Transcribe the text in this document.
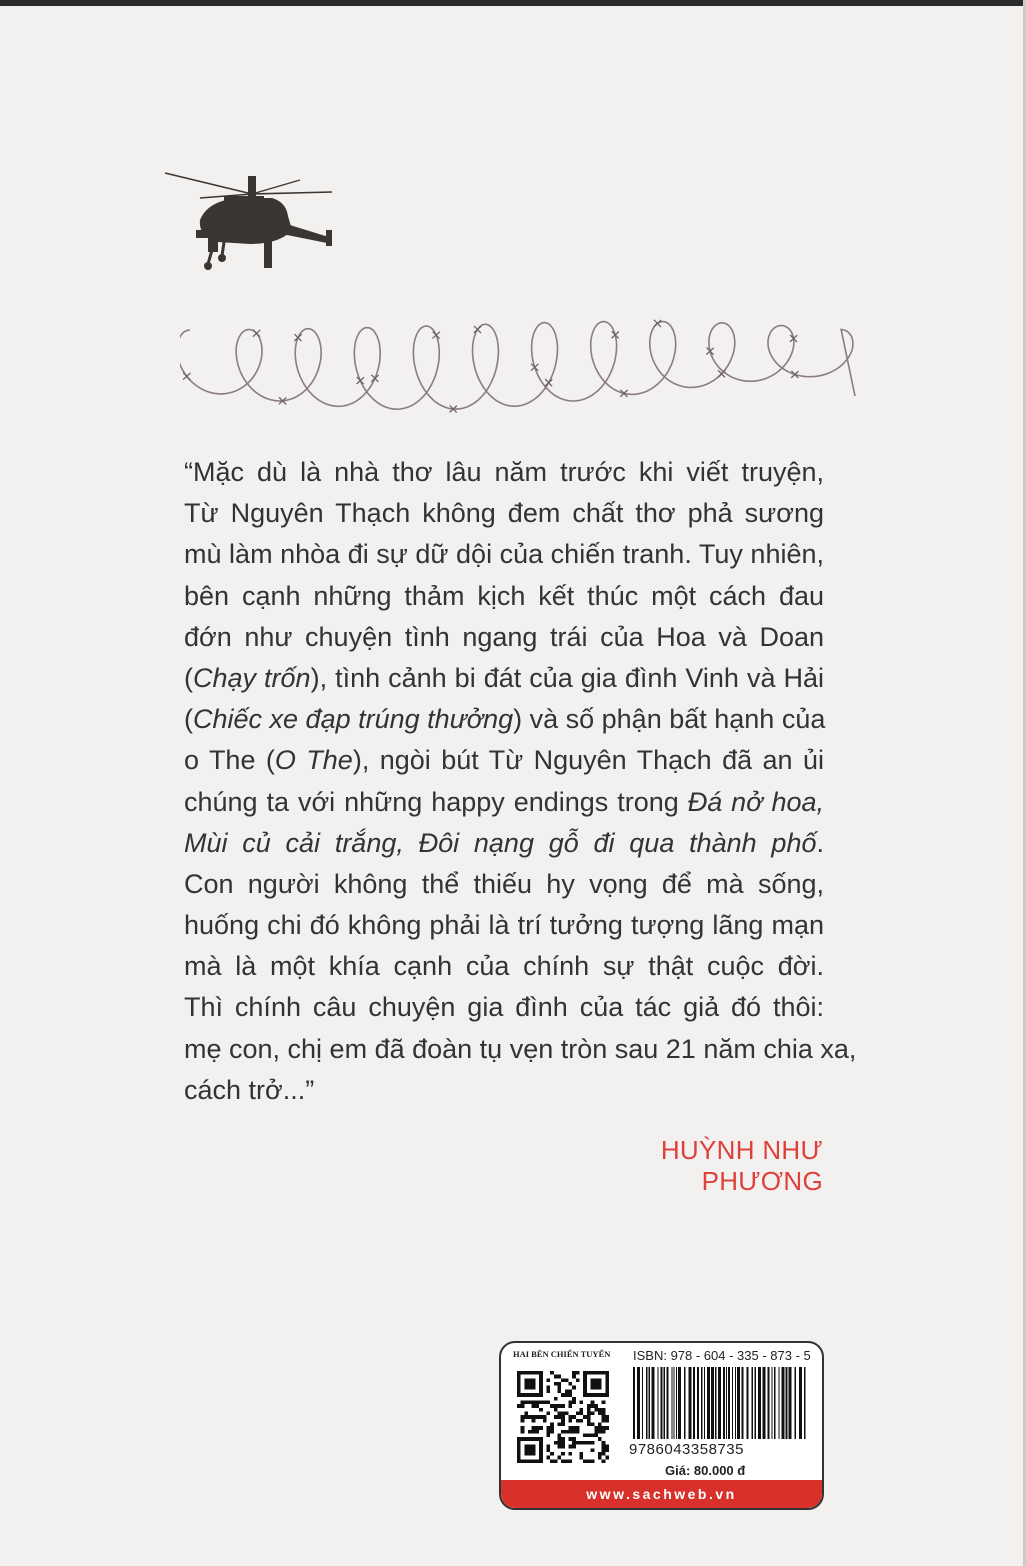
“Mặc dù là nhà thơ lâu năm trước khi viết truyện,
Từ Nguyên Thạch không đem chất thơ phả sương
mù làm nhòa đi sự dữ dội của chiến tranh. Tuy nhiên,
bên cạnh những thảm kịch kết thúc một cách đau
đớn như chuyện tình ngang trái của Hoa và Doan
(Chạy trốn), tình cảnh bi đát của gia đình Vinh và Hải
(Chiếc xe đạp trúng thưởng) và số phận bất hạnh của
o The (O The), ngòi bút Từ Nguyên Thạch đã an ủi
chúng ta với những happy endings trong Đá nở hoa,
Mùi củ cải trắng, Đôi nạng gỗ đi qua thành phố.
Con người không thể thiếu hy vọng để mà sống,
huống chi đó không phải là trí tưởng tượng lãng mạn
mà là một khía cạnh của chính sự thật cuộc đời.
Thì chính câu chuyện gia đình của tác giả đó thôi:
mẹ con, chị em đã đoàn tụ vẹn tròn sau 21 năm chia xa,
cách trở...”
HUỲNH NHƯ PHƯƠNG
HAI BÊN CHIẾN TUYẾN ISBN: 978 - 604 - 335 - 873 - 5
9786043358735
Giá: 80.000 đ
www.sachweb.vn
